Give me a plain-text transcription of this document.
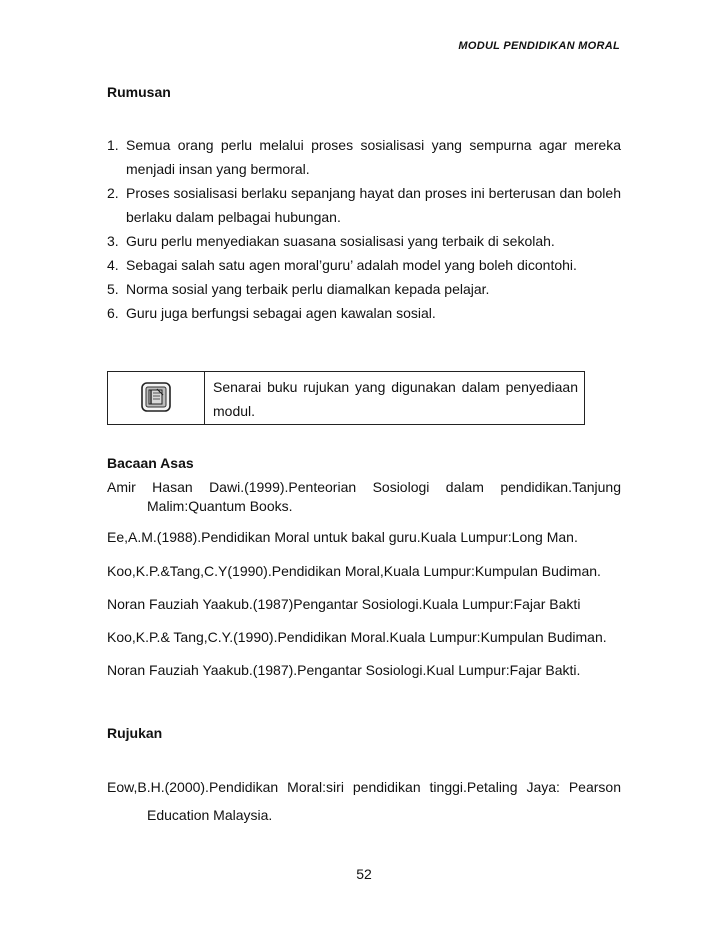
MODUL PENDIDIKAN MORAL
Rumusan
1. Semua orang perlu melalui proses sosialisasi yang sempurna agar mereka menjadi insan yang bermoral.
2. Proses sosialisasi berlaku sepanjang hayat dan proses ini berterusan dan boleh berlaku dalam pelbagai hubungan.
3. Guru perlu menyediakan suasana sosialisasi yang terbaik di sekolah.
4. Sebagai salah satu agen moral’guru’ adalah model yang boleh dicontohi.
5. Norma sosial yang terbaik perlu diamalkan kepada pelajar.
6. Guru juga berfungsi sebagai agen kawalan sosial.
Senarai buku rujukan yang digunakan dalam penyediaan modul.
Bacaan Asas
Amir Hasan Dawi.(1999).Penteorian Sosiologi dalam pendidikan.Tanjung
Malim:Quantum Books.
Ee,A.M.(1988).Pendidikan Moral untuk bakal guru.Kuala Lumpur:Long Man.
Koo,K.P.&Tang,C.Y(1990).Pendidikan Moral,Kuala Lumpur:Kumpulan Budiman.
Noran Fauziah Yaakub.(1987)Pengantar Sosiologi.Kuala Lumpur:Fajar Bakti
Koo,K.P.& Tang,C.Y.(1990).Pendidikan Moral.Kuala Lumpur:Kumpulan Budiman.
Noran Fauziah Yaakub.(1987).Pengantar Sosiologi.Kual Lumpur:Fajar Bakti.
Rujukan
Eow,B.H.(2000).Pendidikan Moral:siri pendidikan tinggi.Petaling Jaya: Pearson
Education Malaysia.
52
